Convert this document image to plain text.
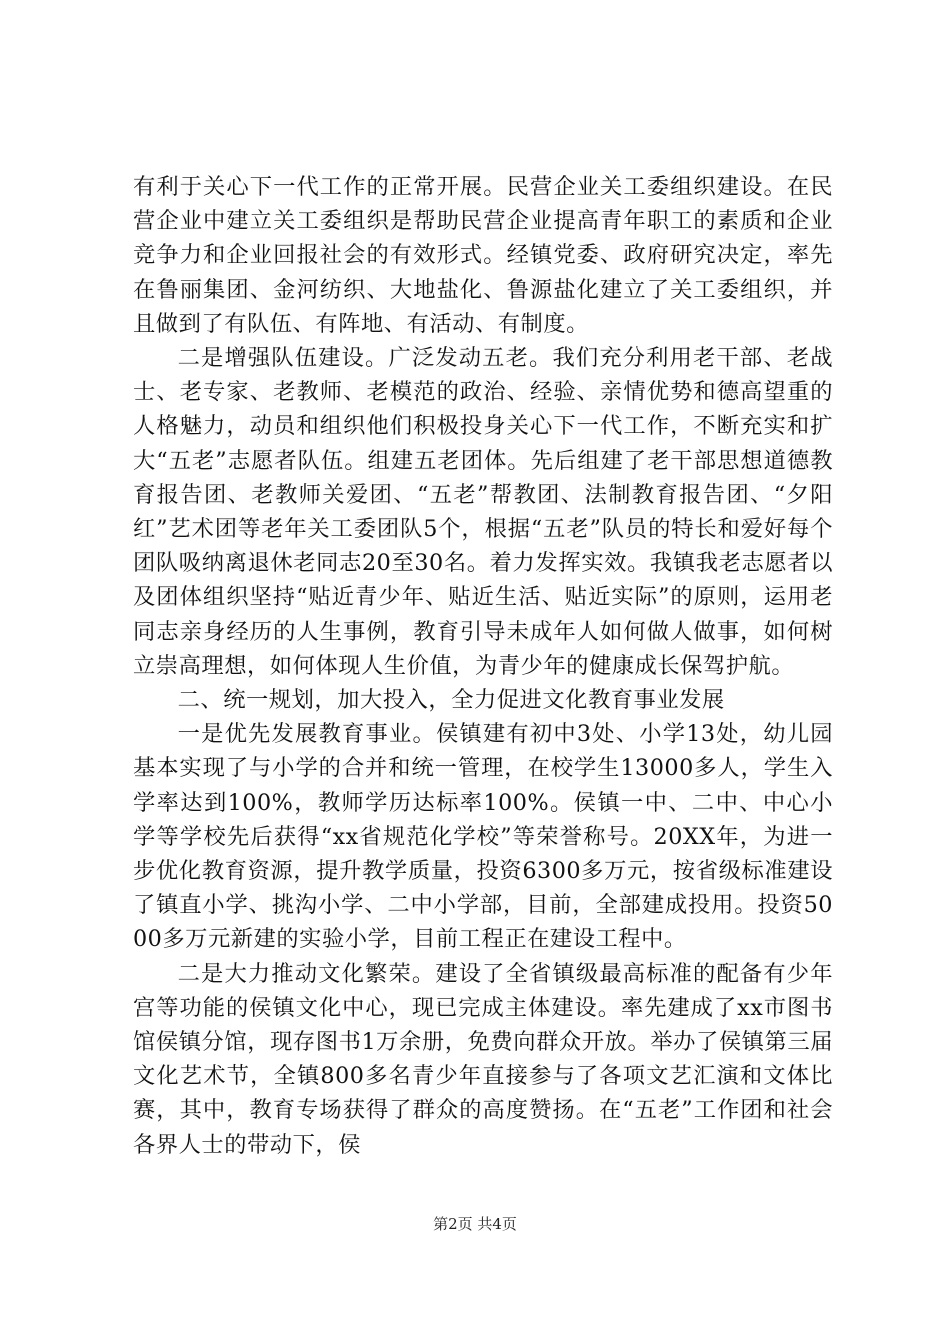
有利于关心下一代工作的正常开展。民营企业关工委组织建设。在民营企业中建立关工委组织是帮助民营企业提高青年职工的素质和企业竞争力和企业回报社会的有效形式。经镇党委、政府研究决定，率先在鲁丽集团、金河纺织、大地盐化、鲁源盐化建立了关工委组织，并且做到了有队伍、有阵地、有活动、有制度。

二是增强队伍建设。广泛发动五老。我们充分利用老干部、老战士、老专家、老教师、老模范的政治、经验、亲情优势和德高望重的人格魅力，动员和组织他们积极投身关心下一代工作，不断充实和扩大“五老”志愿者队伍。组建五老团体。先后组建了老干部思想道德教育报告团、老教师关爱团、“五老”帮教团、法制教育报告团、“夕阳红”艺术团等老年关工委团队5个，根据“五老”队员的特长和爱好每个团队吸纳离退休老同志20至30名。着力发挥实效。我镇我老志愿者以及团体组织坚持“贴近青少年、贴近生活、贴近实际”的原则，运用老同志亲身经历的人生事例，教育引导未成年人如何做人做事，如何树立崇高理想，如何体现人生价值，为青少年的健康成长保驾护航。

二、统一规划，加大投入，全力促进文化教育事业发展

一是优先发展教育事业。侯镇建有初中3处、小学13处，幼儿园基本实现了与小学的合并和统一管理，在校学生13000多人，学生入学率达到100%，教师学历达标率100%。侯镇一中、二中、中心小学等学校先后获得“xx省规范化学校”等荣誉称号。20XX年，为进一步优化教育资源，提升教学质量，投资6300多万元，按省级标准建设了镇直小学、挑沟小学、二中小学部，目前，全部建成投用。投资5000多万元新建的实验小学，目前工程正在建设工程中。

二是大力推动文化繁荣。建设了全省镇级最高标准的配备有少年宫等功能的侯镇文化中心，现已完成主体建设。率先建成了xx市图书馆侯镇分馆，现存图书1万余册，免费向群众开放。举办了侯镇第三届文化艺术节，全镇800多名青少年直接参与了各项文艺汇演和文体比赛，其中，教育专场获得了群众的高度赞扬。在“五老”工作团和社会各界人士的带动下，侯

第2页 共4页
